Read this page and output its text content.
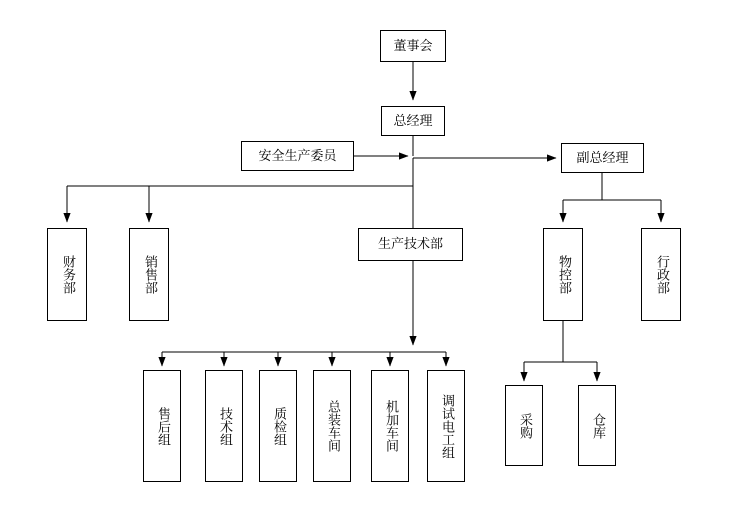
董事会
总经理
安全生产委员	副总经理
财务部	销售部
生产技术部
物控部	行政部
售后组	技术组	质检组	总装车间	机加车间	调试电工组	采购	仓库
